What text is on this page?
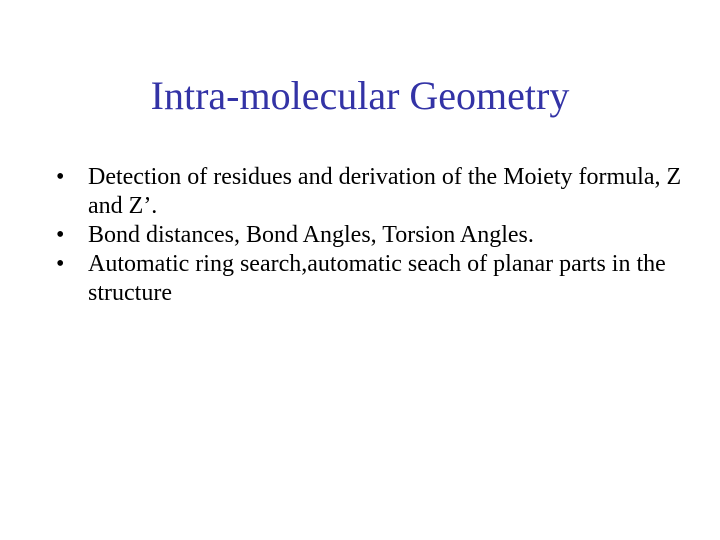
Intra-molecular Geometry
• Detection of residues and derivation of the Moiety formula, Z and Z’.
• Bond distances, Bond Angles, Torsion Angles.
• Automatic ring search,automatic seach of planar parts in the structure
